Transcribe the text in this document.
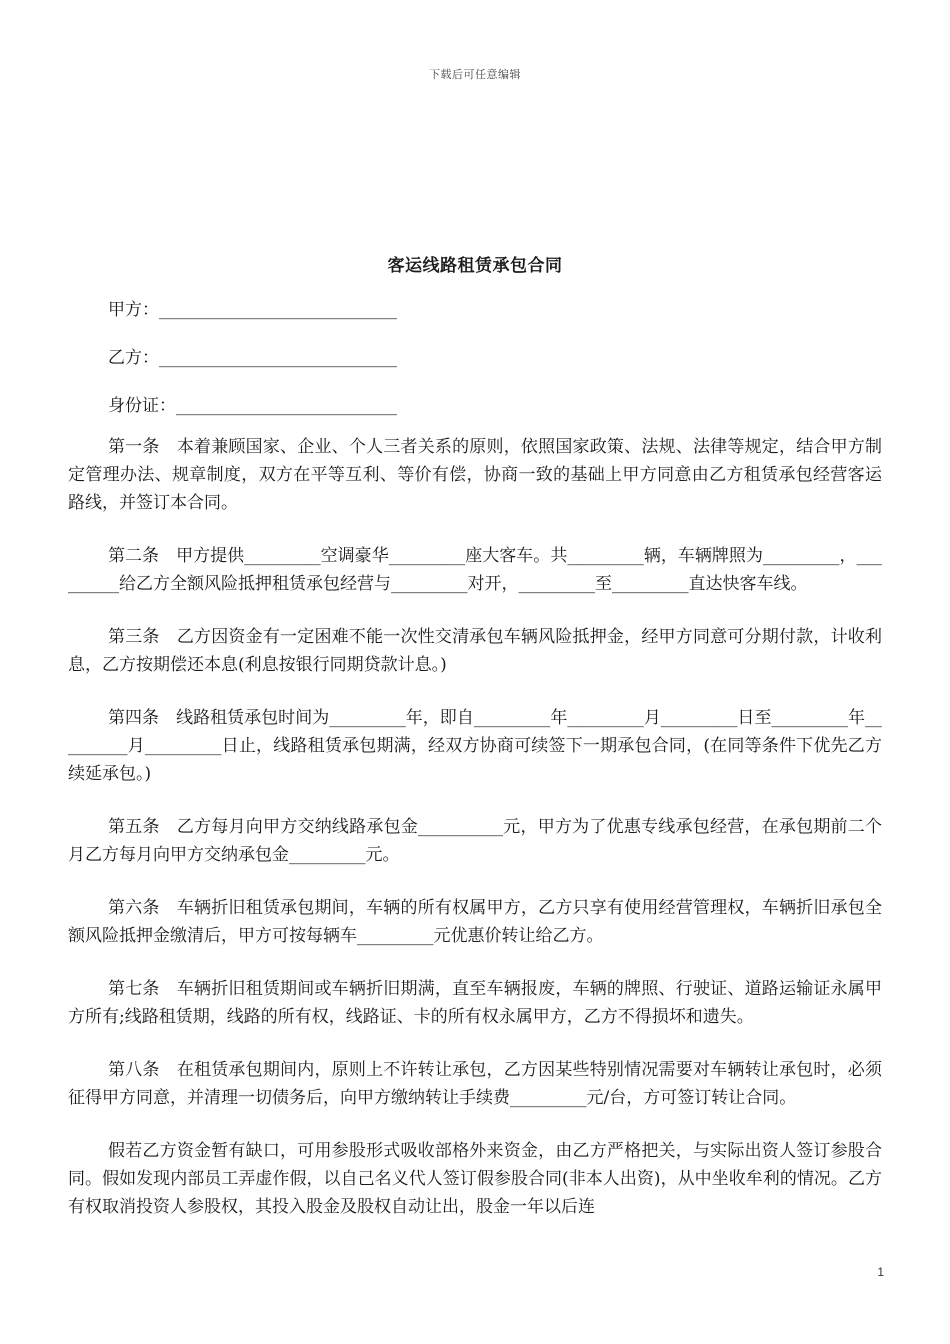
下载后可任意编辑
客运线路租赁承包合同
甲方：____________________________
乙方：____________________________
身份证：__________________________

第一条　本着兼顾国家、企业、个人三者关系的原则，依照国家政策、法规、法律等规定，结合甲方制定管理办法、规章制度，双方在平等互利、等价有偿，协商一致的基础上甲方同意由乙方租赁承包经营客运路线，并签订本合同。

第二条　甲方提供_________空调豪华_________座大客车。共_________辆，车辆牌照为_________，_________给乙方全额风险抵押租赁承包经营与_________对开，_________至_________直达快客车线。

第三条　乙方因资金有一定困难不能一次性交清承包车辆风险抵押金，经甲方同意可分期付款，计收利息，乙方按期偿还本息(利息按银行同期贷款计息。)

第四条　线路租赁承包时间为_________年，即自_________年_________月_________日至_________年_________月_________日止，线路租赁承包期满，经双方协商可续签下一期承包合同，(在同等条件下优先乙方续延承包。)

第五条　乙方每月向甲方交纳线路承包金__________元，甲方为了优惠专线承包经营，在承包期前二个月乙方每月向甲方交纳承包金_________元。

第六条　车辆折旧租赁承包期间，车辆的所有权属甲方，乙方只享有使用经营管理权，车辆折旧承包全额风险抵押金缴清后，甲方可按每辆车_________元优惠价转让给乙方。

第七条　车辆折旧租赁期间或车辆折旧期满，直至车辆报废，车辆的牌照、行驶证、道路运输证永属甲方所有;线路租赁期，线路的所有权，线路证、卡的所有权永属甲方，乙方不得损坏和遗失。

第八条　在租赁承包期间内，原则上不许转让承包，乙方因某些特别情况需要对车辆转让承包时，必须征得甲方同意，并清理一切债务后，向甲方缴纳转让手续费_________元/台，方可签订转让合同。

假若乙方资金暂有缺口，可用参股形式吸收部格外来资金，由乙方严格把关，与实际出资人签订参股合同。假如发现内部员工弄虚作假，以自己名义代人签订假参股合同(非本人出资)，从中坐收牟利的情况。乙方有权取消投资人参股权，其投入股金及股权自动让出，股金一年以后连

1
